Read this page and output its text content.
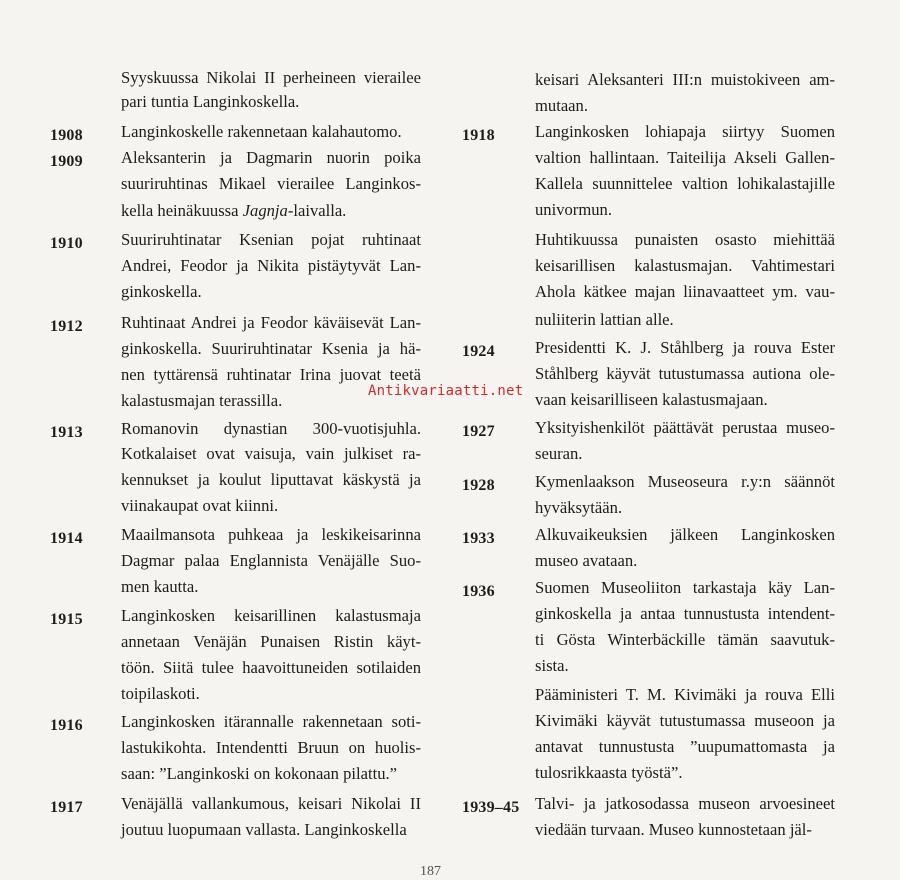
Syyskuussa Nikolai II perheineen vierailee
pari tuntia Langinkoskella.
1908 Langinkoskelle rakennetaan kalahautomo.
1909 Aleksanterin ja Dagmarin nuorin poika
suuriruhtinas Mikael vierailee Langinkos-
kella heinäkuussa Jagnja-laivalla.
1910 Suuriruhtinatar Ksenian pojat ruhtinaat
Andrei, Feodor ja Nikita pistäytyvät Lan-
ginkoskella.
1912 Ruhtinaat Andrei ja Feodor käväisevät Lan-
ginkoskella. Suuriruhtinatar Ksenia ja hä-
nen tyttärensä ruhtinatar Irina juovat teetä
kalastusmajan terassilla.
1913 Romanovin dynastian 300-vuotisjuhla.
Kotkalaiset ovat vaisuja, vain julkiset ra-
kennukset ja koulut liputtavat käskystä ja
viinakaupat ovat kiinni.
1914 Maailmansota puhkeaa ja leskikeisarinna
Dagmar palaa Englannista Venäjälle Suo-
men kautta.
1915 Langinkosken keisarillinen kalastusmaja
annetaan Venäjän Punaisen Ristin käyt-
töön. Siitä tulee haavoittuneiden sotilaiden
toipilaskoti.
1916 Langinkosken itärannalle rakennetaan soti-
lastukikohta. Intendentti Bruun on huolis-
saan: ”Langinkoski on kokonaan pilattu.”
1917 Venäjällä vallankumous, keisari Nikolai II
joutuu luopumaan vallasta. Langinkoskella
keisari Aleksanteri III:n muistokiveen am-
mutaan.
1918 Langinkosken lohiapaja siirtyy Suomen
valtion hallintaan. Taiteilija Akseli Gallen-
Kallela suunnittelee valtion lohikalastajille
univormun.
Huhtikuussa punaisten osasto miehittää
keisarillisen kalastusmajan. Vahtimestari
Ahola kätkee majan liinavaatteet ym. vau-
nuliiterin lattian alle.
1924 Presidentti K. J. Ståhlberg ja rouva Ester
Ståhlberg käyvät tutustumassa autiona ole-
vaan keisarilliseen kalastusmajaan.
1927 Yksityishenkilöt päättävät perustaa museo-
seuran.
1928 Kymenlaakson Museoseura r.y:n säännöt
hyväksytään.
1933 Alkuvaikeuksien jälkeen Langinkosken
museo avataan.
1936 Suomen Museoliiton tarkastaja käy Lan-
ginkoskella ja antaa tunnustusta intendent-
ti Gösta Winterbäckille tämän saavutuk-
sista.
Pääministeri T. M. Kivimäki ja rouva Elli
Kivimäki käyvät tutustumassa museoon ja
antavat tunnustusta ”uupumattomasta ja
tulosrikkaasta työstä”.
1939–45 Talvi- ja jatkosodassa museon arvoesineet
viedään turvaan. Museo kunnostetaan jäl-
Antikvariaatti.net
187
